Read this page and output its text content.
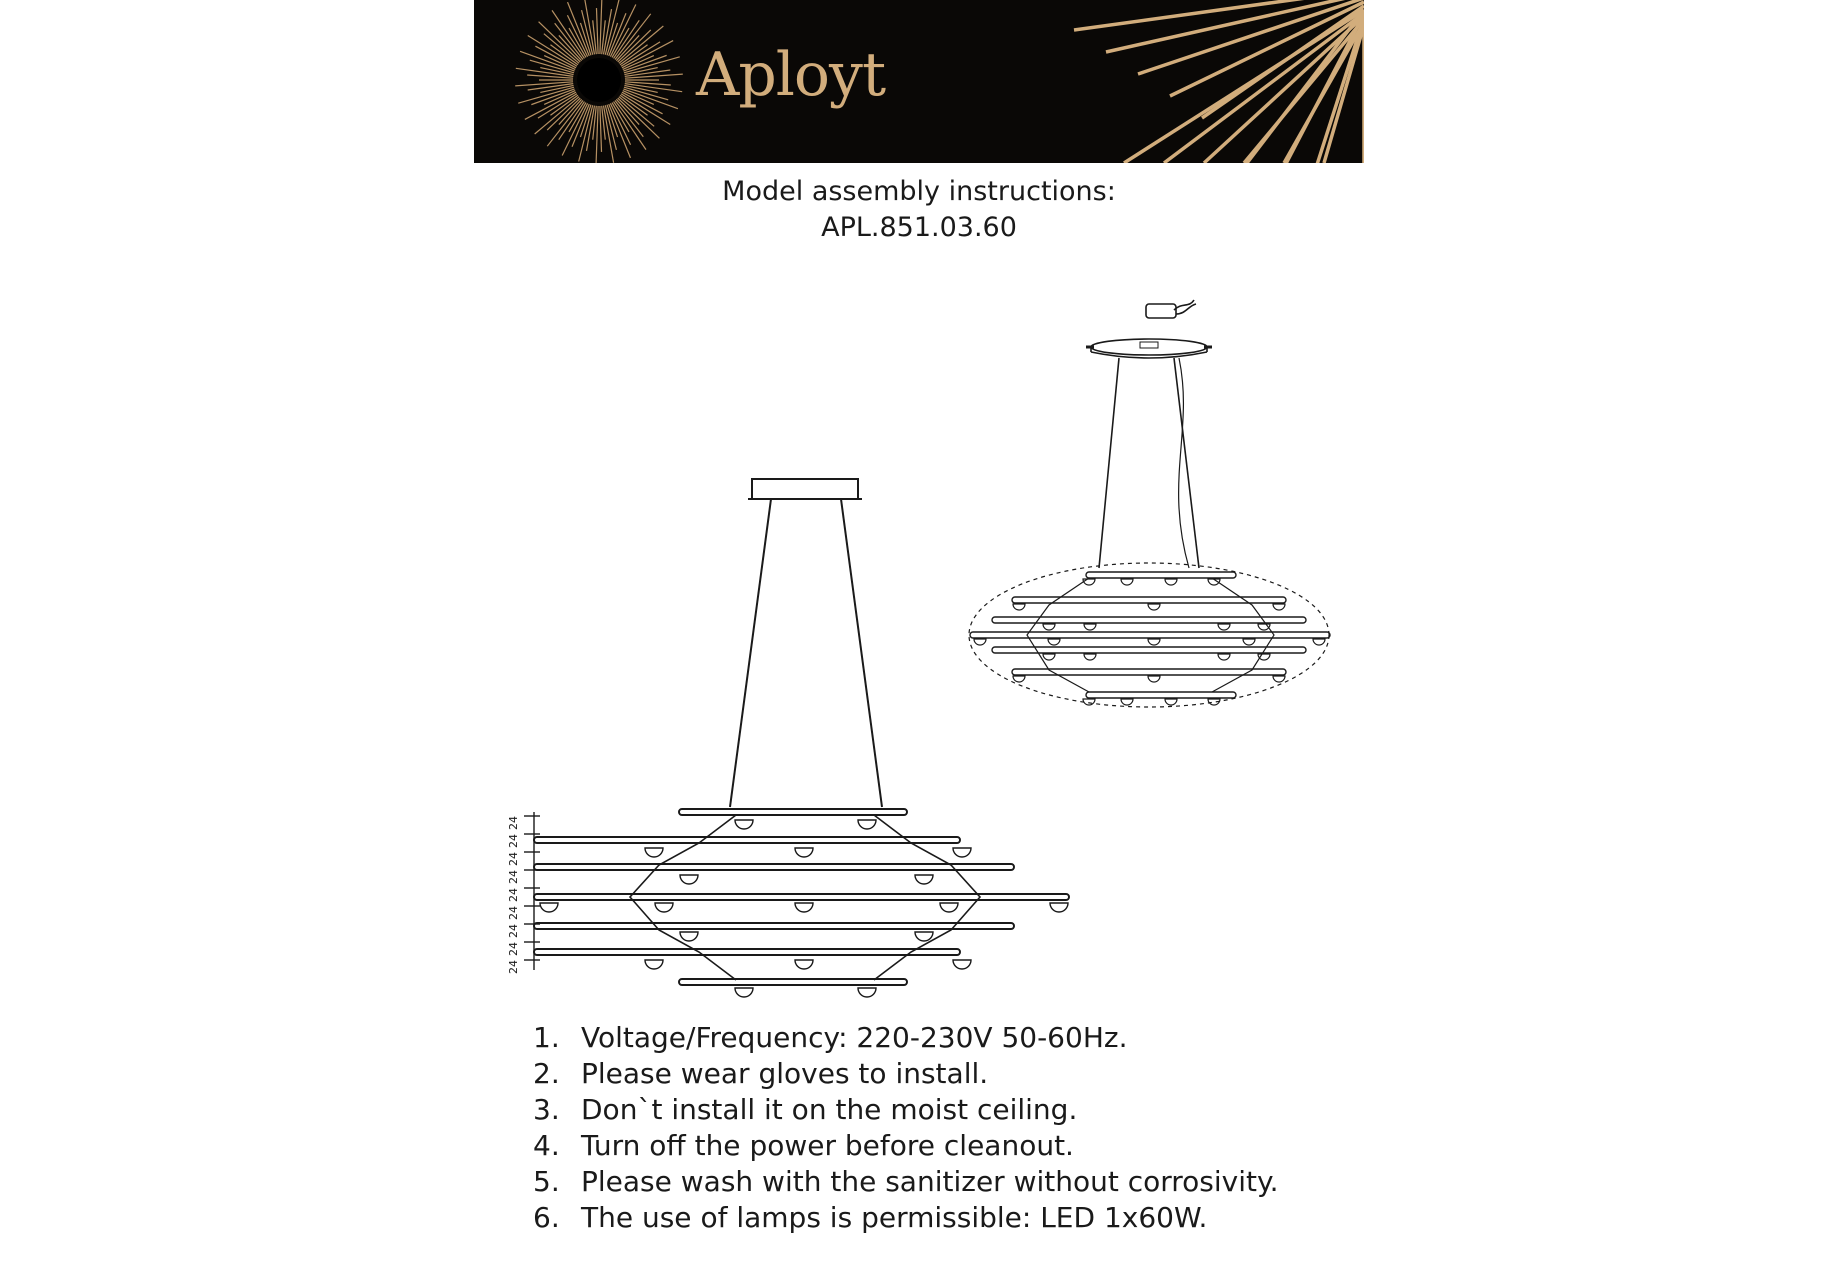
Aployt
Model assembly instructions:
APL.851.03.60
24
24
24
24
24
24
24
24
24
1. Voltage/Frequency: 220-230V 50-60Hz.
2. Please wear gloves to install.
3. Don`t install it on the moist ceiling.
4. Turn off the power before cleanout.
5. Please wash with the sanitizer without corrosivity.
6. The use of lamps is permissible: LED 1x60W.
